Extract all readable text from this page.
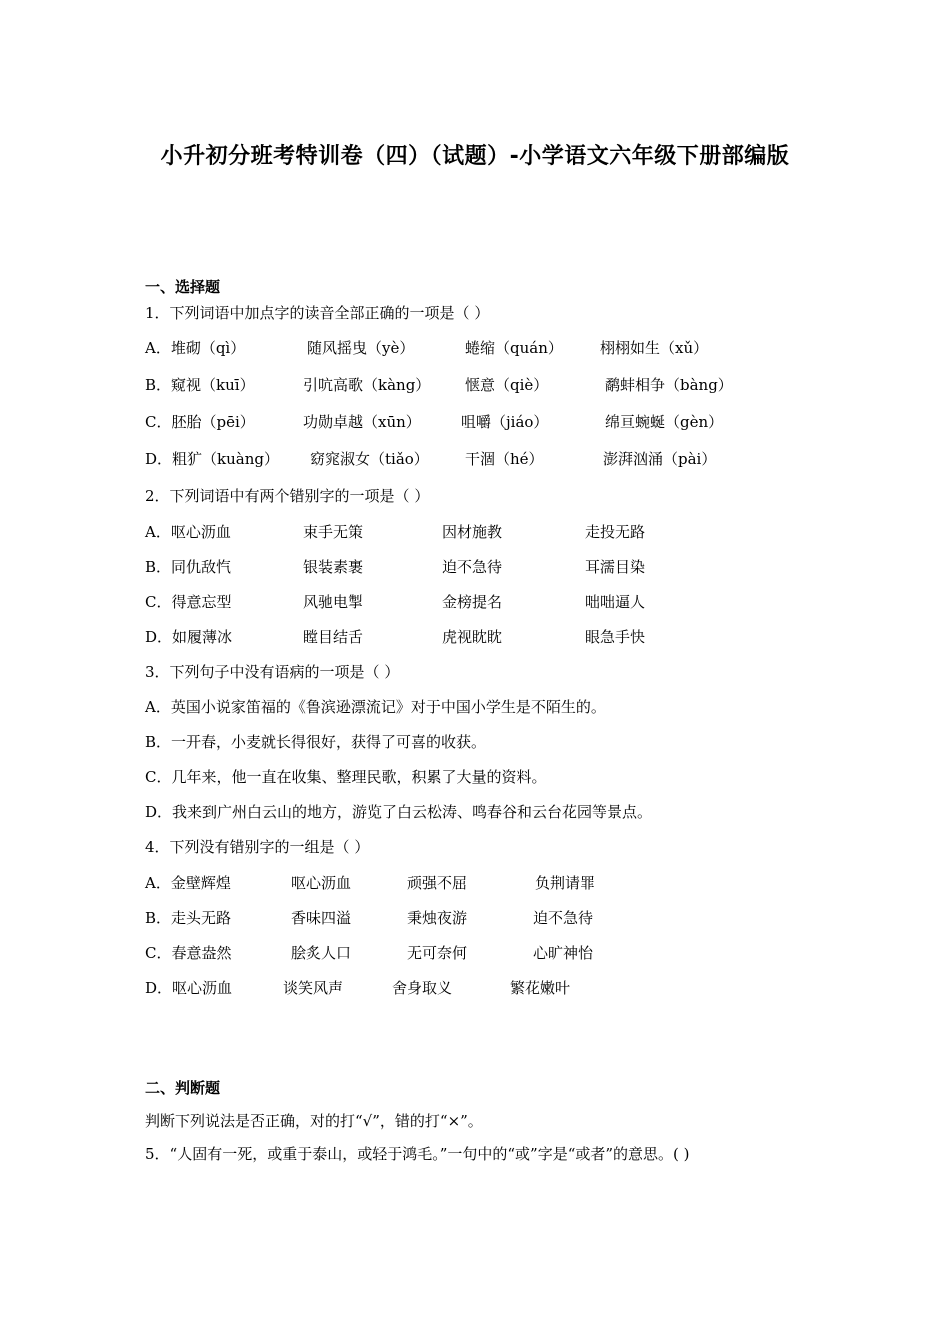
小升初分班考特训卷（四）（试题）-小学语文六年级下册部编版
一、选择题
1．下列词语中加点字的读音全部正确的一项是（ ）
A．堆砌（qì）	随风摇曳（yè）	蜷缩（quán） 栩栩如生（xǔ）
B．窥视（kuī）	引吭高歌（kàng） 惬意（qiè）	鹬蚌相争（bàng）
C．胚胎（pēi）	功勋卓越（xūn）	咀嚼（jiáo）	绵亘蜿蜒（gèn）
D．粗犷（kuàng） 窈窕淑女（tiǎo） 干涸（hé）	澎湃汹涌（pài）
2．下列词语中有两个错别字的一项是（ ）
A．呕心沥血	束手无策	因材施教	走投无路
B．同仇敌忾	银装素裹	迫不急待	耳濡目染
C．得意忘型	风驰电掣	金榜提名	咄咄逼人
D．如履薄冰	瞠目结舌	虎视眈眈	眼急手快
3．下列句子中没有语病的一项是（ ）
A．英国小说家笛福的《鲁滨逊漂流记》对于中国小学生是不陌生的。
B．一开春，小麦就长得很好，获得了可喜的收获。
C．几年来，他一直在收集、整理民歌，积累了大量的资料。
D．我来到广州白云山的地方，游览了白云松涛、鸣春谷和云台花园等景点。
4．下列没有错别字的一组是（ ）
A．金壁辉煌	呕心沥血	顽强不屈	负荆请罪
B．走头无路	香味四溢	秉烛夜游	迫不急待
C．春意盎然	脍炙人口	无可奈何	心旷神怡
D．呕心沥血	谈笑风声	舍身取义	繁花嫩叶
二、判断题
判断下列说法是否正确，对的打“√”，错的打“×”。
5．“人固有一死，或重于泰山，或轻于鸿毛。”一句中的“或”字是“或者”的意思。( )
